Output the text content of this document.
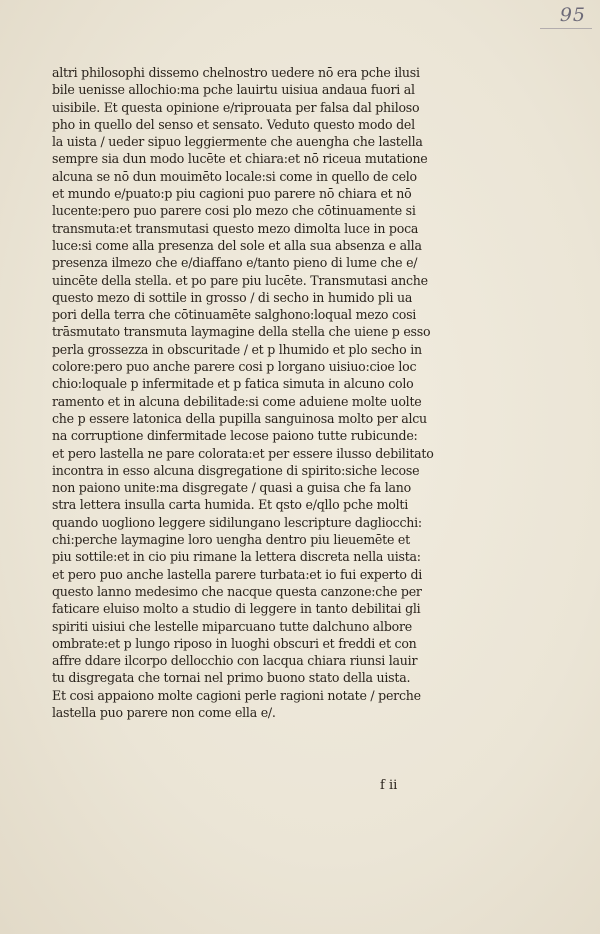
95
altri philosophi dissemo chelnostro uedere nō era pche ilusi
bile uenisse allochio:ma pche lauirtu uisiua andaua fuori al
uisibile. Et questa opinione e/riprouata per falsa dal philoso
pho in quello del senso et sensato. Veduto questo modo del
la uista / ueder sipuo leggiermente che auengha che lastella
sempre sia dun modo lucēte et chiara:et nō riceua mutatione
alcuna se nō dun mouimēto locale:si come in quello de celo
et mundo e/puato:p piu cagioni puo parere nō chiara et nō
lucente:pero puo parere cosi plo mezo che cōtinuamente si
transmuta:et transmutasi questo mezo dimolta luce in poca
luce:si come alla presenza del sole et alla sua absenza e alla
presenza ilmezo che e/diaffano e/tanto pieno di lume che e/
uincēte della stella. et po pare piu lucēte. Transmutasi anche
questo mezo di sottile in grosso / di secho in humido pli ua
pori della terra che cōtinuamēte salghono:loqual mezo cosi
trāsmutato transmuta laymagine della stella che uiene p esso
perla grossezza in obscuritade / et p lhumido et plo secho in
colore:pero puo anche parere cosi p lorgano uisiuo:cioe loc
chio:loquale p infermitade et p fatica simuta in alcuno colo
ramento et in alcuna debilitade:si come aduiene molte uolte
che p essere latonica della pupilla sanguinosa molto per alcu
na corruptione dinfermitade lecose paiono tutte rubicunde:
et pero lastella ne pare colorata:et per essere ilusso debilitato
incontra in esso alcuna disgregatione di spirito:siche lecose
non paiono unite:ma disgregate / quasi a guisa che fa lano
stra lettera insulla carta humida. Et qsto e/qllo pche molti
quando uogliono leggere sidilungano lescripture dagliocchi:
chi:perche laymagine loro uengha dentro piu lieuemēte et
piu sottile:et in cio piu rimane la lettera discreta nella uista:
et pero puo anche lastella parere turbata:et io fui experto di
questo lanno medesimo che nacque questa canzone:che per
faticare eluiso molto a studio di leggere in tanto debilitai gli
spiriti uisiui che lestelle miparcuano tutte dalchuno albore
ombrate:et p lungo riposo in luoghi obscuri et freddi et con
affre ddare ilcorpo dellocchio con lacqua chiara riunsi lauir
tu disgregata che tornai nel primo buono stato della uista.
Et cosi appaiono molte cagioni perle ragioni notate / perche
lastella puo parere non come ella e/.
f ii
